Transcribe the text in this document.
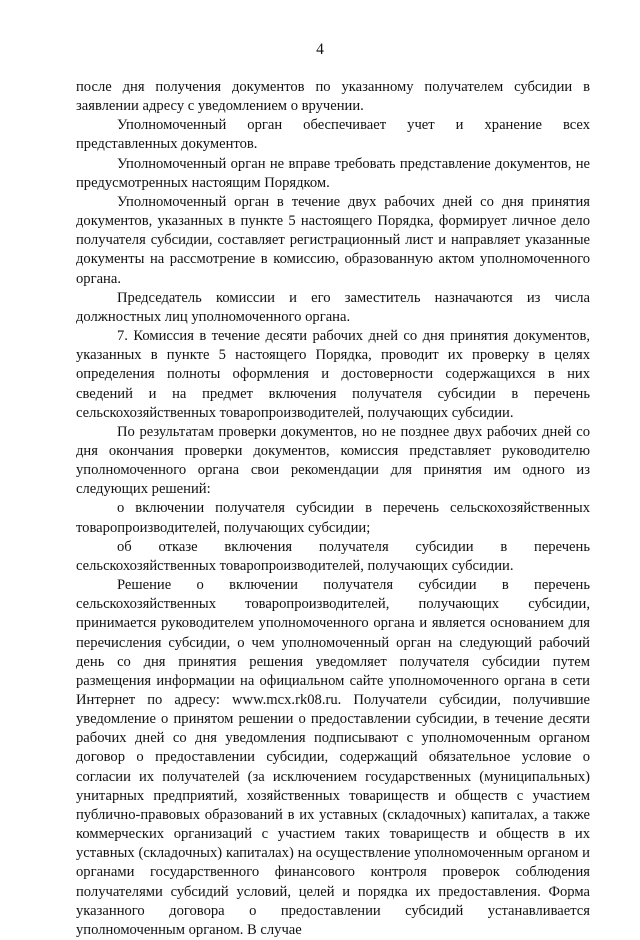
4

после дня получения документов по указанному получателем субсидии в заявлении адресу с уведомлением о вручении.

Уполномоченный орган обеспечивает учет и хранение всех представленных документов.

Уполномоченный орган не вправе требовать представление документов, не предусмотренных настоящим Порядком.

Уполномоченный орган в течение двух рабочих дней со дня принятия документов, указанных в пункте 5 настоящего Порядка, формирует личное дело получателя субсидии, составляет регистрационный лист и направляет указанные документы на рассмотрение в комиссию, образованную актом уполномоченного органа.

Председатель комиссии и его заместитель назначаются из числа должностных лиц уполномоченного органа.

7. Комиссия в течение десяти рабочих дней со дня принятия документов, указанных в пункте 5 настоящего Порядка, проводит их проверку в целях определения полноты оформления и достоверности содержащихся в них сведений и на предмет включения получателя субсидии в перечень сельскохозяйственных товаропроизводителей, получающих субсидии.

По результатам проверки документов, но не позднее двух рабочих дней со дня окончания проверки документов, комиссия представляет руководителю уполномоченного органа свои рекомендации для принятия им одного из следующих решений:

о включении получателя субсидии в перечень сельскохозяйственных товаропроизводителей, получающих субсидии;

об отказе включения получателя субсидии в перечень сельскохозяйственных товаропроизводителей, получающих субсидии.

Решение о включении получателя субсидии в перечень сельскохозяйственных товаропроизводителей, получающих субсидии, принимается руководителем уполномоченного органа и является основанием для перечисления субсидии, о чем уполномоченный орган на следующий рабочий день со дня принятия решения уведомляет получателя субсидии путем размещения информации на официальном сайте уполномоченного органа в сети Интернет по адресу: www.mcx.rk08.ru. Получатели субсидии, получившие уведомление о принятом решении о предоставлении субсидии, в течение десяти рабочих дней со дня уведомления подписывают с уполномоченным органом договор о предоставлении субсидии, содержащий обязательное условие о согласии их получателей (за исключением государственных (муниципальных) унитарных предприятий, хозяйственных товариществ и обществ с участием публично-правовых образований в их уставных (складочных) капиталах, а также коммерческих организаций с участием таких товариществ и обществ в их уставных (складочных) капиталах) на осуществление уполномоченным органом и органами государственного финансового контроля проверок соблюдения получателями субсидий условий, целей и порядка их предоставления. Форма указанного договора о предоставлении субсидий устанавливается уполномоченным органом. В случае
